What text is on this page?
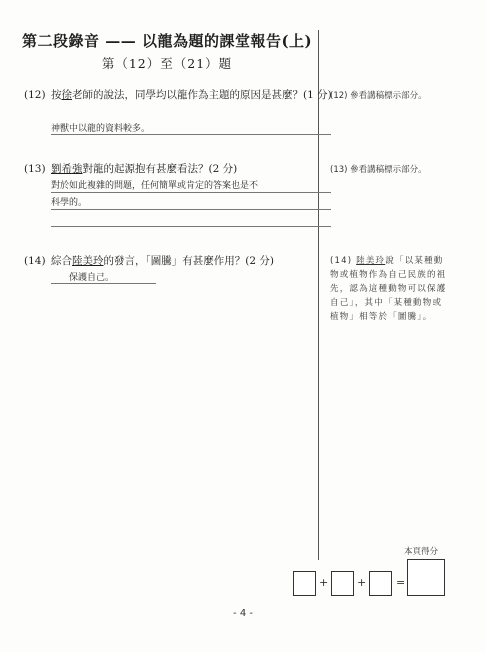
第二段錄音 —— 以龍為題的課堂報告(上)
第（12）至（21）題
(12) 按徐老師的說法，同學均以龍作為主題的原因是甚麼？(1 分)
神獸中以龍的資料較多。
(12) 參看講稿標示部分。
(13) 劉希強對龍的起源抱有甚麼看法？(2 分)
對於如此複雜的問題，任何簡單或肯定的答案也是不
科學的。
(13) 參看講稿標示部分。
(14) 綜合陸美玲的發言，「圖騰」有甚麼作用？(2 分)
保護自己。
(14) 陸美玲說「以某種動物或植物作為自己民族的祖先，認為這種動物可以保護自己」，其中「某種動物或植物」相等於「圖騰」。
本頁得分
+	+	=
- 4 -
